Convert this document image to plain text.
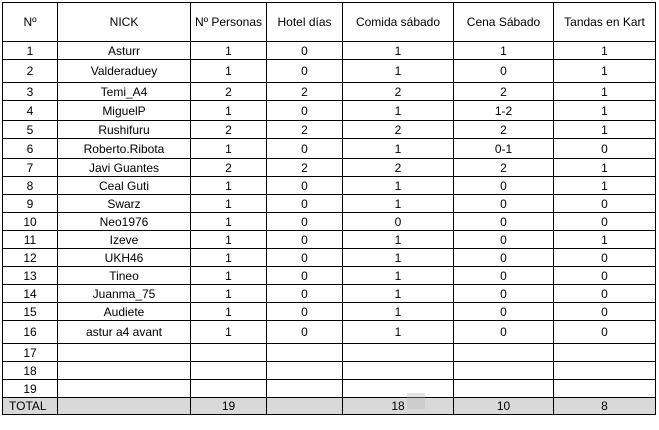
Nº	NICK	Nº Personas	Hotel días	Comida sábado	Cena Sábado	Tandas en Kart
1	Asturr	1	0	1	1	1
2	Valderaduey	1	0	1	0	1
3	Temi_A4	2	2	2	2	1
4	MiguelP	1	0	1	1-2	1
5	Rushifuru	2	2	2	2	1
6	Roberto.Ribota	1	0	1	0-1	0
7	Javi Guantes	2	2	2	2	1
8	Ceal Guti	1	0	1	0	1
9	Swarz	1	0	1	0	0
10	Neo1976	1	0	0	0	0
11	Izeve	1	0	1	0	1
12	UKH46	1	0	1	0	0
13	Tineo	1	0	1	0	0
14	Juanma_75	1	0	1	0	0
15	Audiete	1	0	1	0	0
16	astur a4 avant	1	0	1	0	0
17						
18						
19						
TOTAL		19		18	10	8
